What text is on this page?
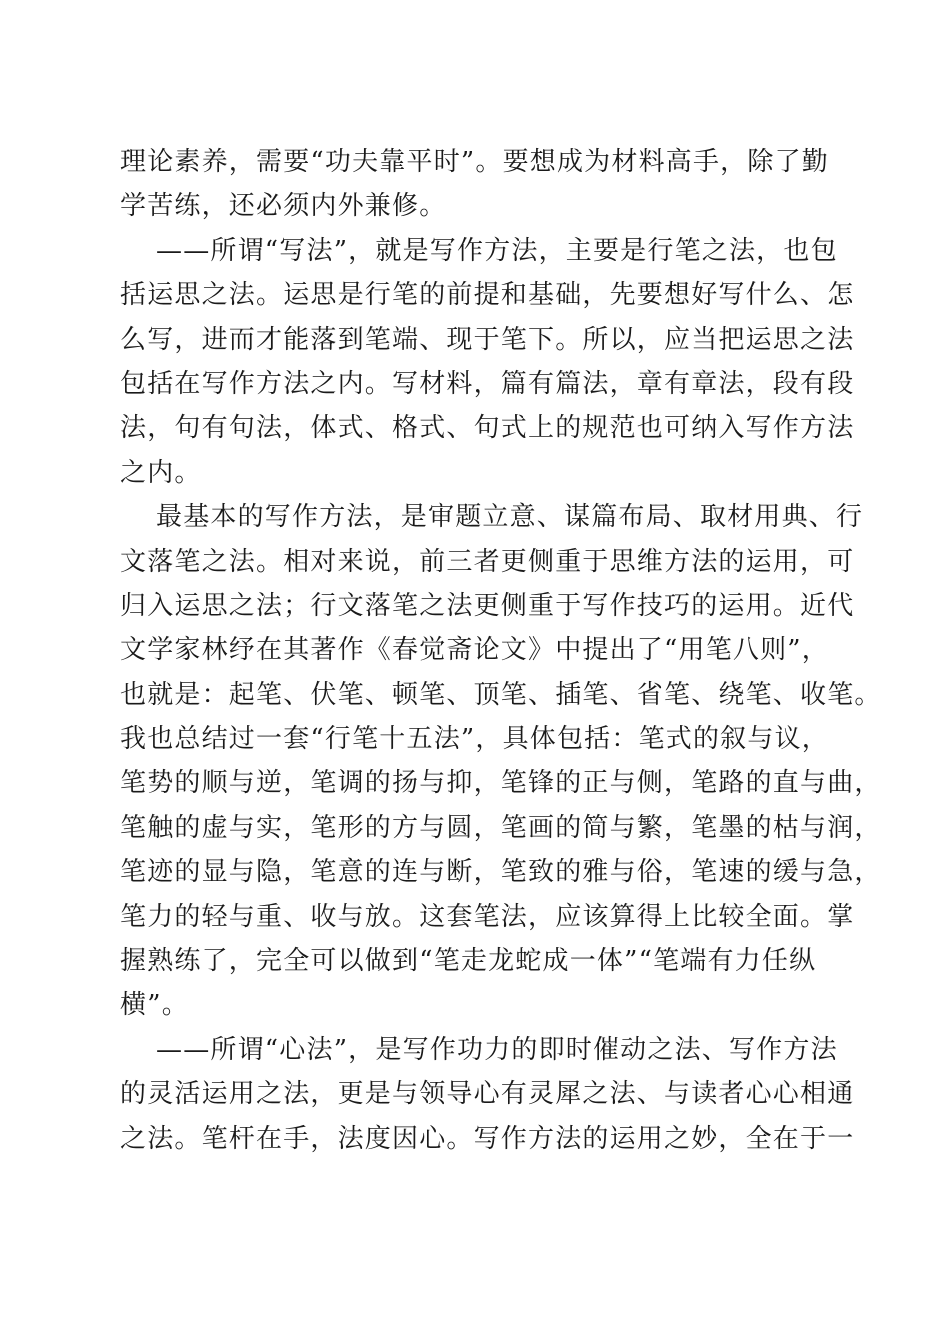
理论素养，需要“功夫靠平时”。要想成为材料高手，除了勤
学苦练，还必须内外兼修。
——所谓“写法”，就是写作方法，主要是行笔之法，也包
括运思之法。运思是行笔的前提和基础，先要想好写什么、怎
么写，进而才能落到笔端、现于笔下。所以，应当把运思之法
包括在写作方法之内。写材料，篇有篇法，章有章法，段有段
法，句有句法，体式、格式、句式上的规范也可纳入写作方法
之内。
最基本的写作方法，是审题立意、谋篇布局、取材用典、行
文落笔之法。相对来说，前三者更侧重于思维方法的运用，可
归入运思之法；行文落笔之法更侧重于写作技巧的运用。近代
文学家林纾在其著作《春觉斋论文》中提出了“用笔八则”，
也就是：起笔、伏笔、顿笔、顶笔、插笔、省笔、绕笔、收笔。
我也总结过一套“行笔十五法”，具体包括：笔式的叙与议，
笔势的顺与逆，笔调的扬与抑，笔锋的正与侧，笔路的直与曲，
笔触的虚与实，笔形的方与圆，笔画的简与繁，笔墨的枯与润，
笔迹的显与隐，笔意的连与断，笔致的雅与俗，笔速的缓与急，
笔力的轻与重、收与放。这套笔法，应该算得上比较全面。掌
握熟练了，完全可以做到“笔走龙蛇成一体”“笔端有力任纵
横”。
——所谓“心法”，是写作功力的即时催动之法、写作方法
的灵活运用之法，更是与领导心有灵犀之法、与读者心心相通
之法。笔杆在手，法度因心。写作方法的运用之妙，全在于一
